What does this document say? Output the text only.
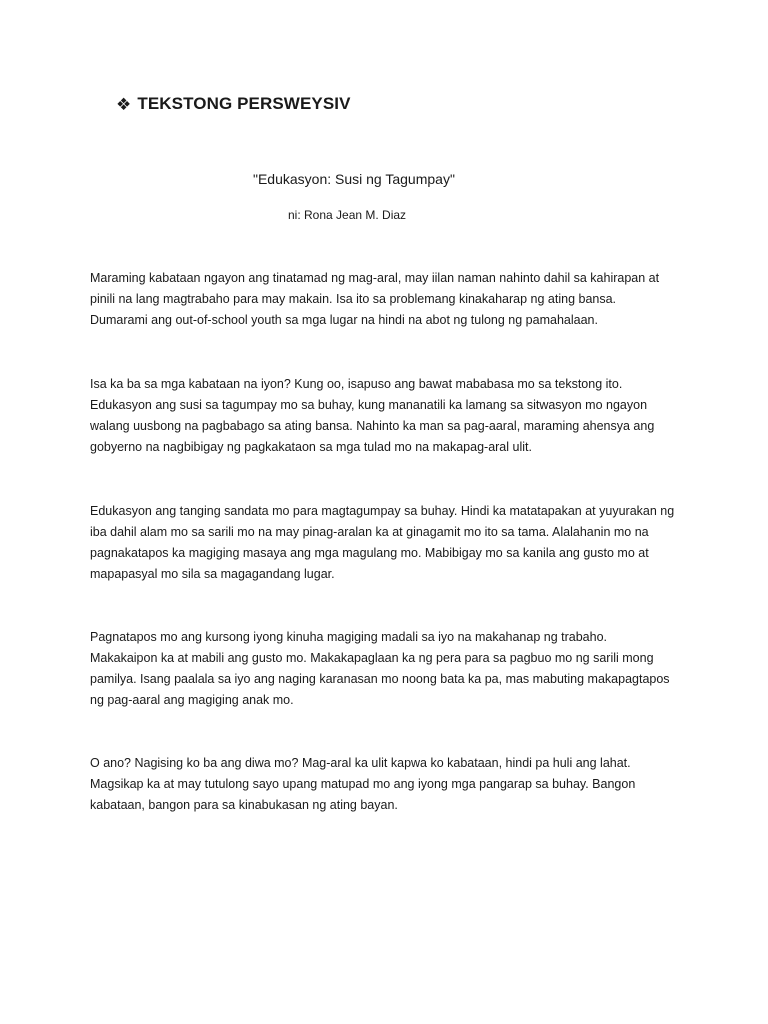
❖ TEKSTONG PERSWEYSIV
"Edukasyon: Susi ng Tagumpay"
ni: Rona Jean M. Diaz

Maraming kabataan ngayon ang tinatamad ng mag-aral, may iilan naman nahinto dahil sa kahirapan at
pinili na lang magtrabaho para may makain. Isa ito sa problemang kinakaharap ng ating bansa.
Dumarami ang out-of-school youth sa mga lugar na hindi na abot ng tulong ng pamahalaan.

Isa ka ba sa mga kabataan na iyon? Kung oo, isapuso ang bawat mababasa mo sa tekstong ito.
Edukasyon ang susi sa tagumpay mo sa buhay, kung mananatili ka lamang sa sitwasyon mo ngayon
walang uusbong na pagbabago sa ating bansa. Nahinto ka man sa pag-aaral, maraming ahensya ang
gobyerno na nagbibigay ng pagkakataon sa mga tulad mo na makapag-aral ulit.

Edukasyon ang tanging sandata mo para magtagumpay sa buhay. Hindi ka matatapakan at yuyurakan ng
iba dahil alam mo sa sarili mo na may pinag-aralan ka at ginagamit mo ito sa tama. Alalahanin mo na
pagnakatapos ka magiging masaya ang mga magulang mo. Mabibigay mo sa kanila ang gusto mo at
mapapasyal mo sila sa magagandang lugar.

Pagnatapos mo ang kursong iyong kinuha magiging madali sa iyo na makahanap ng trabaho.
Makakaipon ka at mabili ang gusto mo. Makakapaglaan ka ng pera para sa pagbuo mo ng sarili mong
pamilya. Isang paalala sa iyo ang naging karanasan mo noong bata ka pa, mas mabuting makapagtapos
ng pag-aaral ang magiging anak mo.

O ano? Nagising ko ba ang diwa mo? Mag-aral ka ulit kapwa ko kabataan, hindi pa huli ang lahat.
Magsikap ka at may tutulong sayo upang matupad mo ang iyong mga pangarap sa buhay. Bangon
kabataan, bangon para sa kinabukasan ng ating bayan.
